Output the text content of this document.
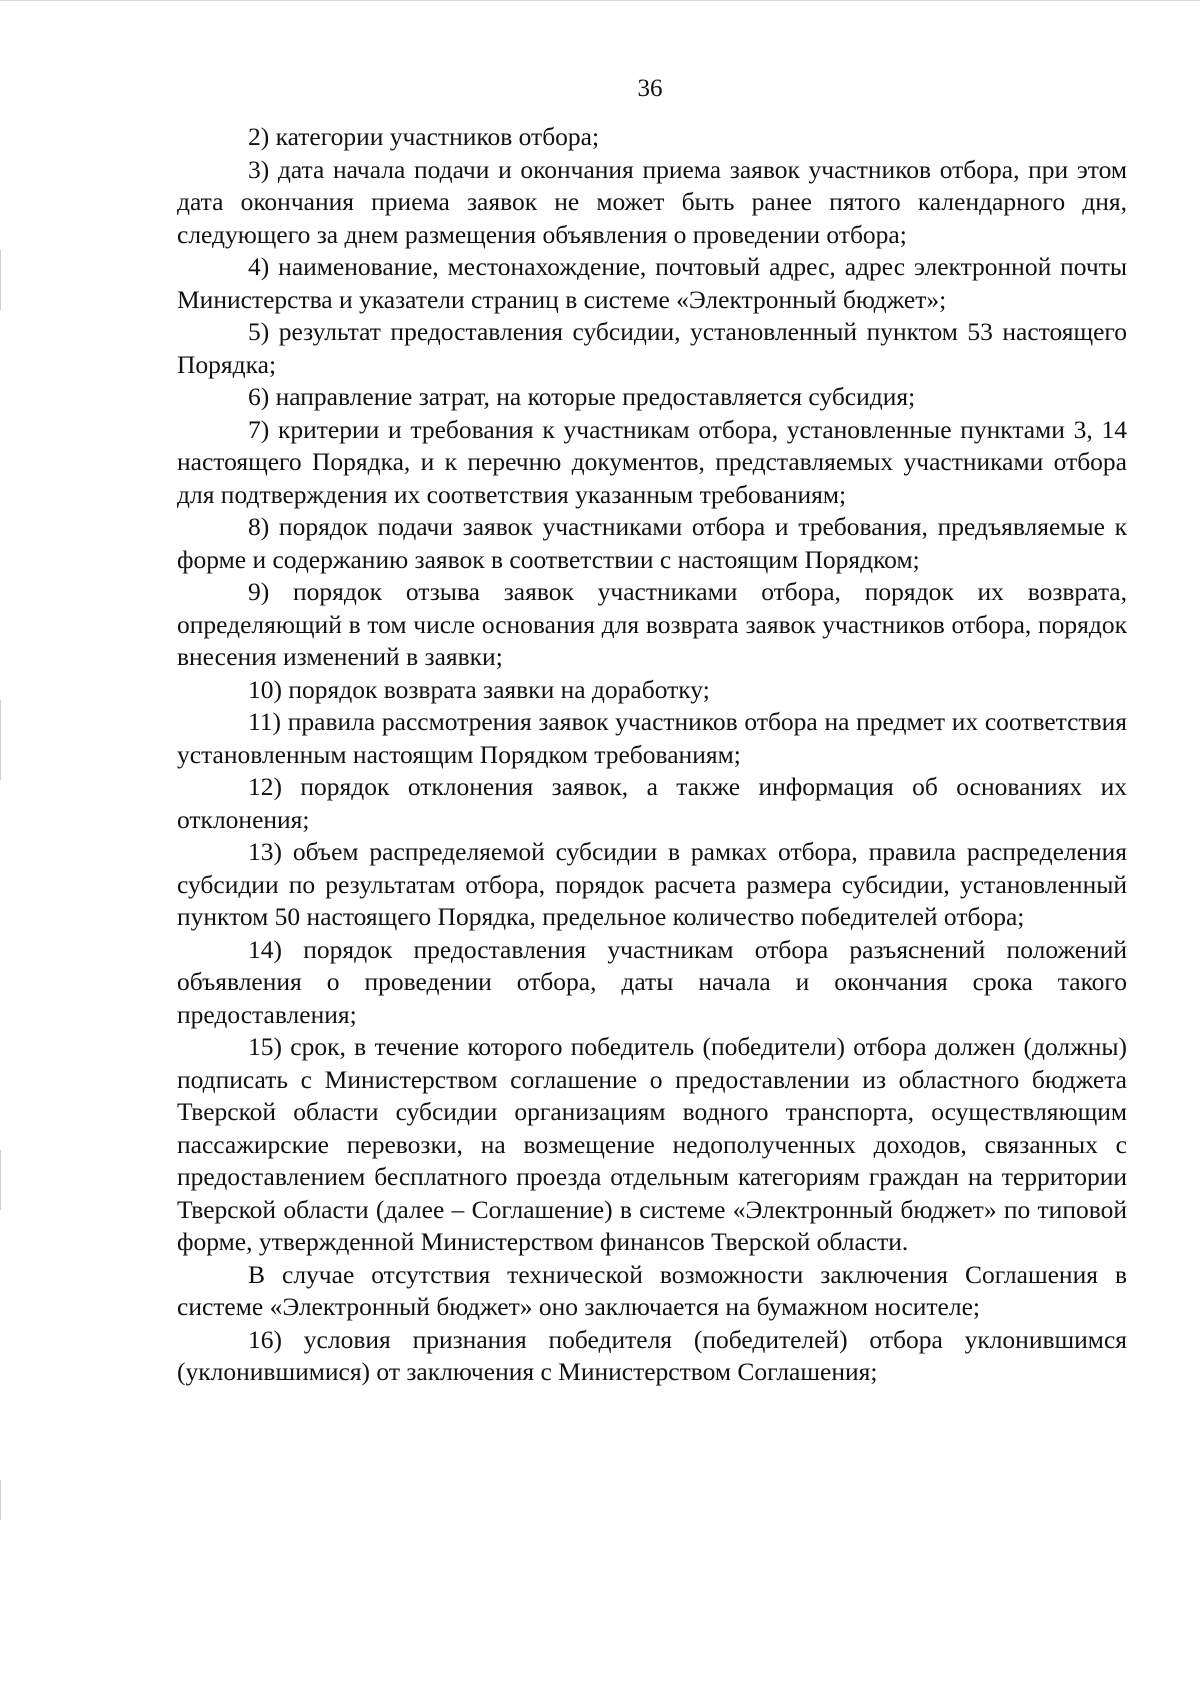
36

2) категории участников отбора;

3) дата начала подачи и окончания приема заявок участников отбора, при этом дата окончания приема заявок не может быть ранее пятого календарного дня, следующего за днем размещения объявления о проведении отбора;

4) наименование, местонахождение, почтовый адрес, адрес электронной почты Министерства и указатели страниц в системе «Электронный бюджет»;

5) результат предоставления субсидии, установленный пунктом 53 настоящего Порядка;

6) направление затрат, на которые предоставляется субсидия;

7) критерии и требования к участникам отбора, установленные пунктами 3, 14 настоящего Порядка, и к перечню документов, представляемых участниками отбора для подтверждения их соответствия указанным требованиям;

8) порядок подачи заявок участниками отбора и требования, предъявляемые к форме и содержанию заявок в соответствии с настоящим Порядком;

9) порядок отзыва заявок участниками отбора, порядок их возврата, определяющий в том числе основания для возврата заявок участников отбора, порядок внесения изменений в заявки;

10) порядок возврата заявки на доработку;

11) правила рассмотрения заявок участников отбора на предмет их соответствия установленным настоящим Порядком требованиям;

12) порядок отклонения заявок, а также информация об основаниях их отклонения;

13) объем распределяемой субсидии в рамках отбора, правила распределения субсидии по результатам отбора, порядок расчета размера субсидии, установленный пунктом 50 настоящего Порядка, предельное количество победителей отбора;

14) порядок предоставления участникам отбора разъяснений положений объявления о проведении отбора, даты начала и окончания срока такого предоставления;

15) срок, в течение которого победитель (победители) отбора должен (должны) подписать с Министерством соглашение о предоставлении из областного бюджета Тверской области субсидии организациям водного транспорта, осуществляющим пассажирские перевозки, на возмещение недополученных доходов, связанных с предоставлением бесплатного проезда отдельным категориям граждан на территории Тверской области (далее – Соглашение) в системе «Электронный бюджет» по типовой форме, утвержденной Министерством финансов Тверской области.

В случае отсутствия технической возможности заключения Соглашения в системе «Электронный бюджет» оно заключается на бумажном носителе;

16) условия признания победителя (победителей) отбора уклонившимся (уклонившимися) от заключения с Министерством Соглашения;
